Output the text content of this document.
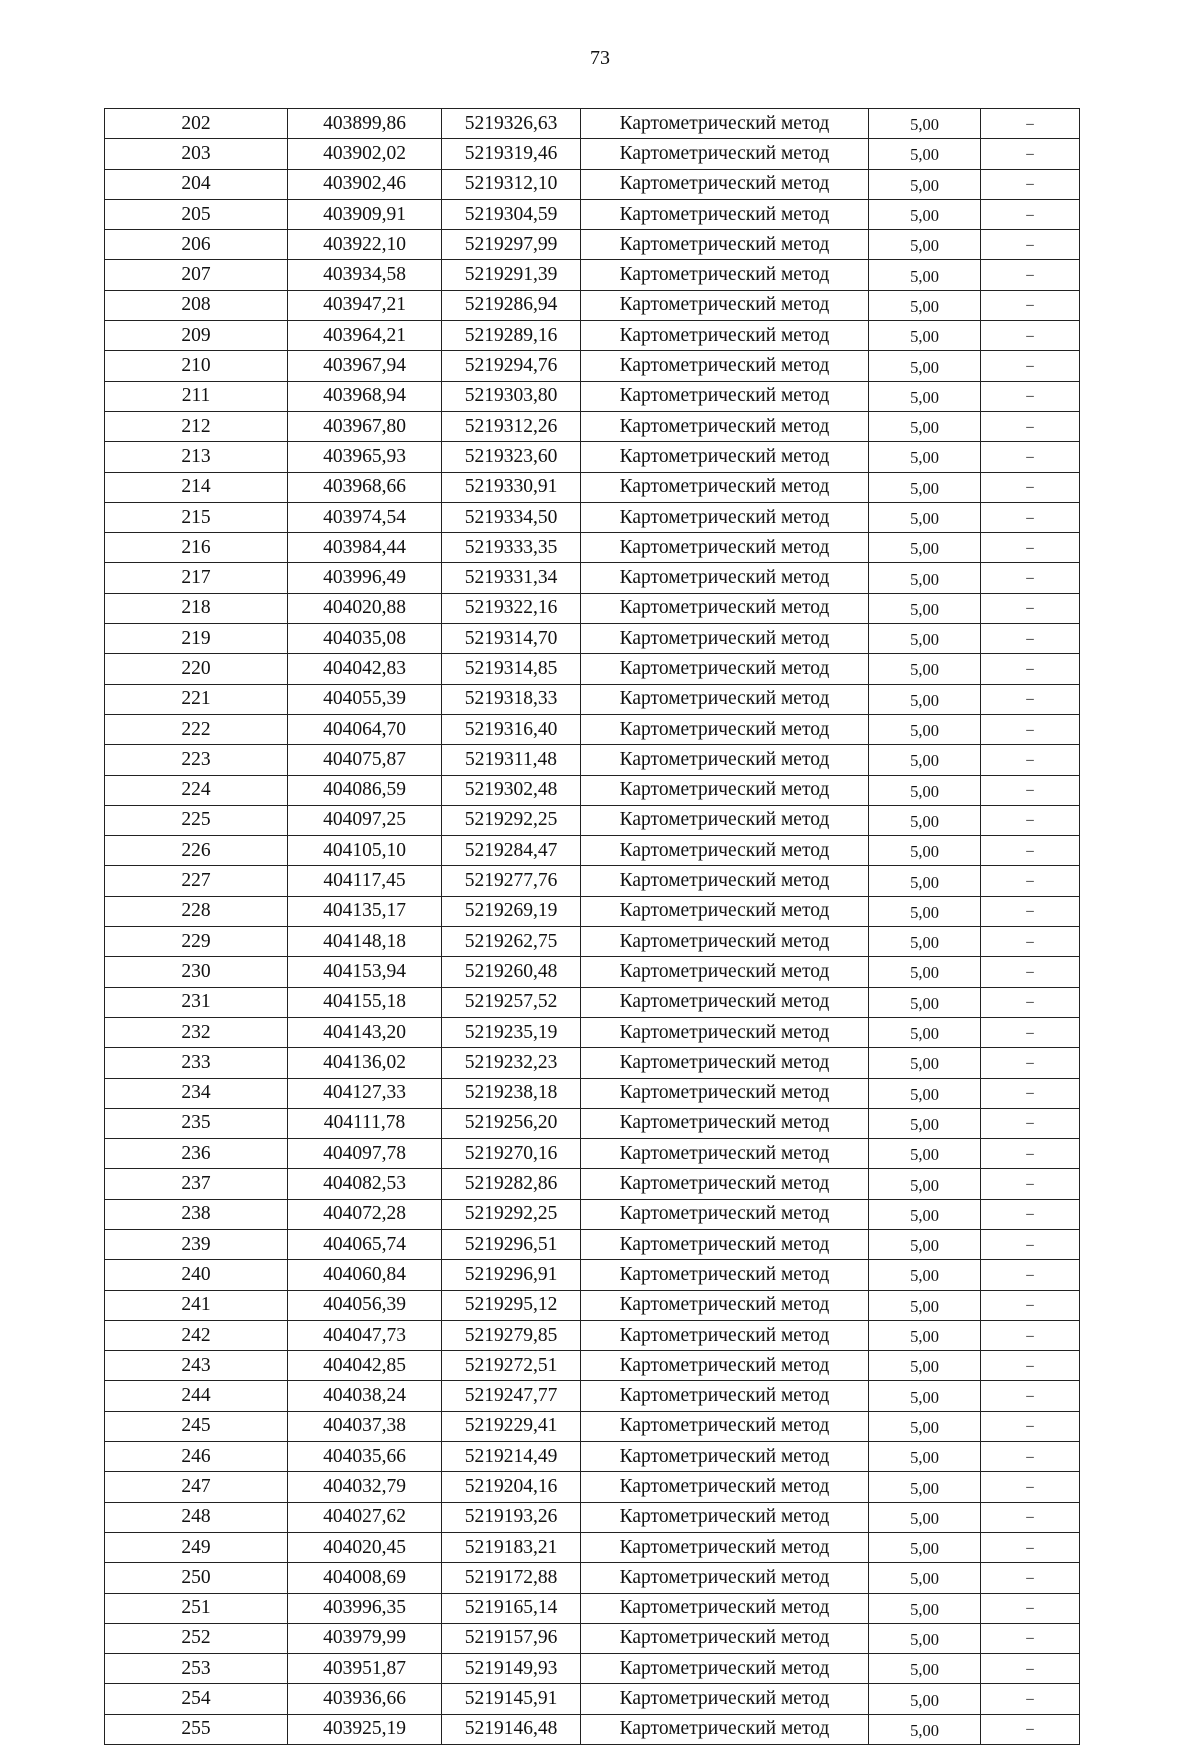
73
202	403899,86	5219326,63	Картометрический метод	5,00	–
203	403902,02	5219319,46	Картометрический метод	5,00	–
204	403902,46	5219312,10	Картометрический метод	5,00	–
205	403909,91	5219304,59	Картометрический метод	5,00	–
206	403922,10	5219297,99	Картометрический метод	5,00	–
207	403934,58	5219291,39	Картометрический метод	5,00	–
208	403947,21	5219286,94	Картометрический метод	5,00	–
209	403964,21	5219289,16	Картометрический метод	5,00	–
210	403967,94	5219294,76	Картометрический метод	5,00	–
211	403968,94	5219303,80	Картометрический метод	5,00	–
212	403967,80	5219312,26	Картометрический метод	5,00	–
213	403965,93	5219323,60	Картометрический метод	5,00	–
214	403968,66	5219330,91	Картометрический метод	5,00	–
215	403974,54	5219334,50	Картометрический метод	5,00	–
216	403984,44	5219333,35	Картометрический метод	5,00	–
217	403996,49	5219331,34	Картометрический метод	5,00	–
218	404020,88	5219322,16	Картометрический метод	5,00	–
219	404035,08	5219314,70	Картометрический метод	5,00	–
220	404042,83	5219314,85	Картометрический метод	5,00	–
221	404055,39	5219318,33	Картометрический метод	5,00	–
222	404064,70	5219316,40	Картометрический метод	5,00	–
223	404075,87	5219311,48	Картометрический метод	5,00	–
224	404086,59	5219302,48	Картометрический метод	5,00	–
225	404097,25	5219292,25	Картометрический метод	5,00	–
226	404105,10	5219284,47	Картометрический метод	5,00	–
227	404117,45	5219277,76	Картометрический метод	5,00	–
228	404135,17	5219269,19	Картометрический метод	5,00	–
229	404148,18	5219262,75	Картометрический метод	5,00	–
230	404153,94	5219260,48	Картометрический метод	5,00	–
231	404155,18	5219257,52	Картометрический метод	5,00	–
232	404143,20	5219235,19	Картометрический метод	5,00	–
233	404136,02	5219232,23	Картометрический метод	5,00	–
234	404127,33	5219238,18	Картометрический метод	5,00	–
235	404111,78	5219256,20	Картометрический метод	5,00	–
236	404097,78	5219270,16	Картометрический метод	5,00	–
237	404082,53	5219282,86	Картометрический метод	5,00	–
238	404072,28	5219292,25	Картометрический метод	5,00	–
239	404065,74	5219296,51	Картометрический метод	5,00	–
240	404060,84	5219296,91	Картометрический метод	5,00	–
241	404056,39	5219295,12	Картометрический метод	5,00	–
242	404047,73	5219279,85	Картометрический метод	5,00	–
243	404042,85	5219272,51	Картометрический метод	5,00	–
244	404038,24	5219247,77	Картометрический метод	5,00	–
245	404037,38	5219229,41	Картометрический метод	5,00	–
246	404035,66	5219214,49	Картометрический метод	5,00	–
247	404032,79	5219204,16	Картометрический метод	5,00	–
248	404027,62	5219193,26	Картометрический метод	5,00	–
249	404020,45	5219183,21	Картометрический метод	5,00	–
250	404008,69	5219172,88	Картометрический метод	5,00	–
251	403996,35	5219165,14	Картометрический метод	5,00	–
252	403979,99	5219157,96	Картометрический метод	5,00	–
253	403951,87	5219149,93	Картометрический метод	5,00	–
254	403936,66	5219145,91	Картометрический метод	5,00	–
255	403925,19	5219146,48	Картометрический метод	5,00	–
